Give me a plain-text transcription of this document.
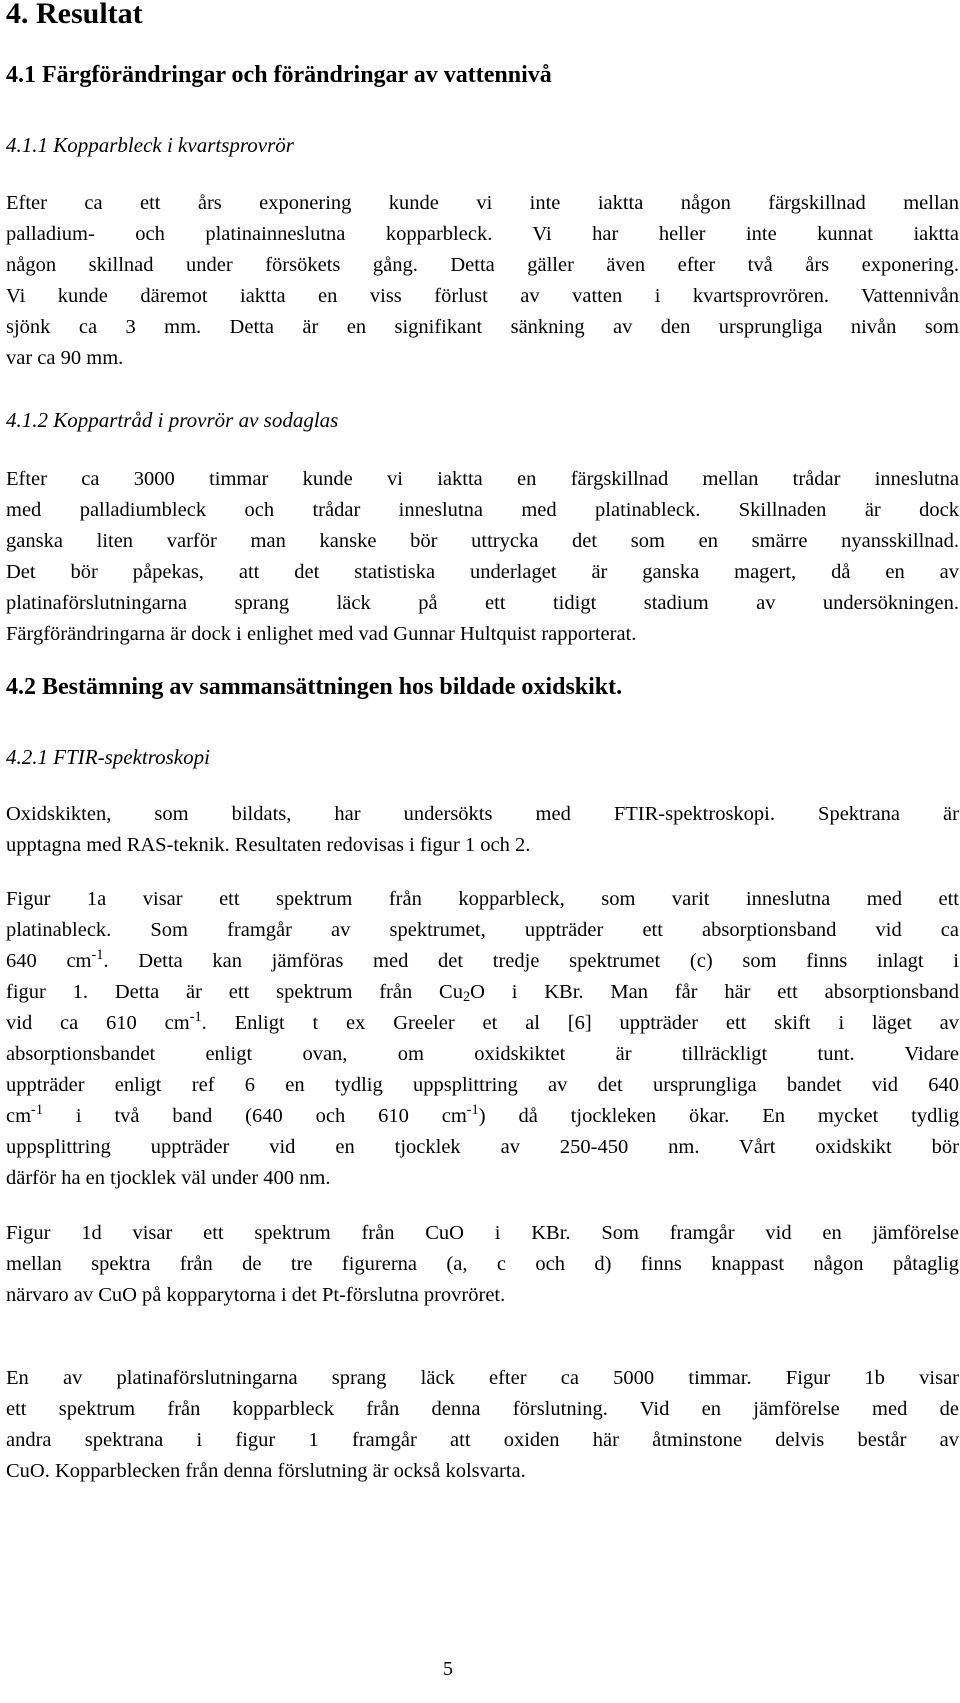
4. Resultat
4.1 Färgförändringar och förändringar av vattennivå
4.1.1 Kopparbleck i kvartsprovrör
Efter ca ett års exponering kunde vi inte iaktta någon färgskillnad mellan
palladium- och platinainneslutna kopparbleck. Vi har heller inte kunnat iaktta
någon skillnad under försökets gång. Detta gäller även efter två års exponering.
Vi kunde däremot iaktta en viss förlust av vatten i kvartsprovrören. Vattennivån
sjönk ca 3 mm. Detta är en signifikant sänkning av den ursprungliga nivån som
var ca 90 mm.
4.1.2 Koppartråd i provrör av sodaglas
Efter ca 3000 timmar kunde vi iaktta en färgskillnad mellan trådar inneslutna
med palladiumbleck och trådar inneslutna med platinableck. Skillnaden är dock
ganska liten varför man kanske bör uttrycka det som en smärre nyansskillnad.
Det bör påpekas, att det statistiska underlaget är ganska magert, då en av
platinaförslutningarna sprang läck på ett tidigt stadium av undersökningen.
Färgförändringarna är dock i enlighet med vad Gunnar Hultquist rapporterat.
4.2 Bestämning av sammansättningen hos bildade oxidskikt.
4.2.1 FTIR-spektroskopi
Oxidskikten, som bildats, har undersökts med FTIR-spektroskopi. Spektrana är
upptagna med RAS-teknik. Resultaten redovisas i figur 1 och 2.
Figur 1a visar ett spektrum från kopparbleck, som varit inneslutna med ett
platinableck. Som framgår av spektrumet, uppträder ett absorptionsband vid ca
640 $cm^{-1}$. Detta kan jämföras med det tredje spektrumet (c) som finns inlagt i
figur 1. Detta är ett spektrum från $Cu_2O$ i KBr. Man får här ett absorptionsband
vid ca 610 $cm^{-1}$. Enligt t ex Greeler et al [6] uppträder ett skift i läget av
absorptionsbandet enligt ovan, om oxidskiktet är tillräckligt tunt. Vidare
uppträder enligt ref 6 en tydlig uppsplittring av det ursprungliga bandet vid 640
$cm^{-1}$ i två band (640 och 610 $cm^{-1}$) då tjockleken ökar. En mycket tydlig
uppsplittring uppträder vid en tjocklek av 250-450 nm. Vårt oxidskikt bör
därför ha en tjocklek väl under 400 nm.
Figur 1d visar ett spektrum från CuO i KBr. Som framgår vid en jämförelse
mellan spektra från de tre figurerna (a, c och d) finns knappast någon påtaglig
närvaro av CuO på kopparytorna i det Pt-förslutna provröret.
En av platinaförslutningarna sprang läck efter ca 5000 timmar. Figur 1b visar
ett spektrum från kopparbleck från denna förslutning. Vid en jämförelse med de
andra spektrana i figur 1 framgår att oxiden här åtminstone delvis består av
CuO. Kopparblecken från denna förslutning är också kolsvarta.
5
